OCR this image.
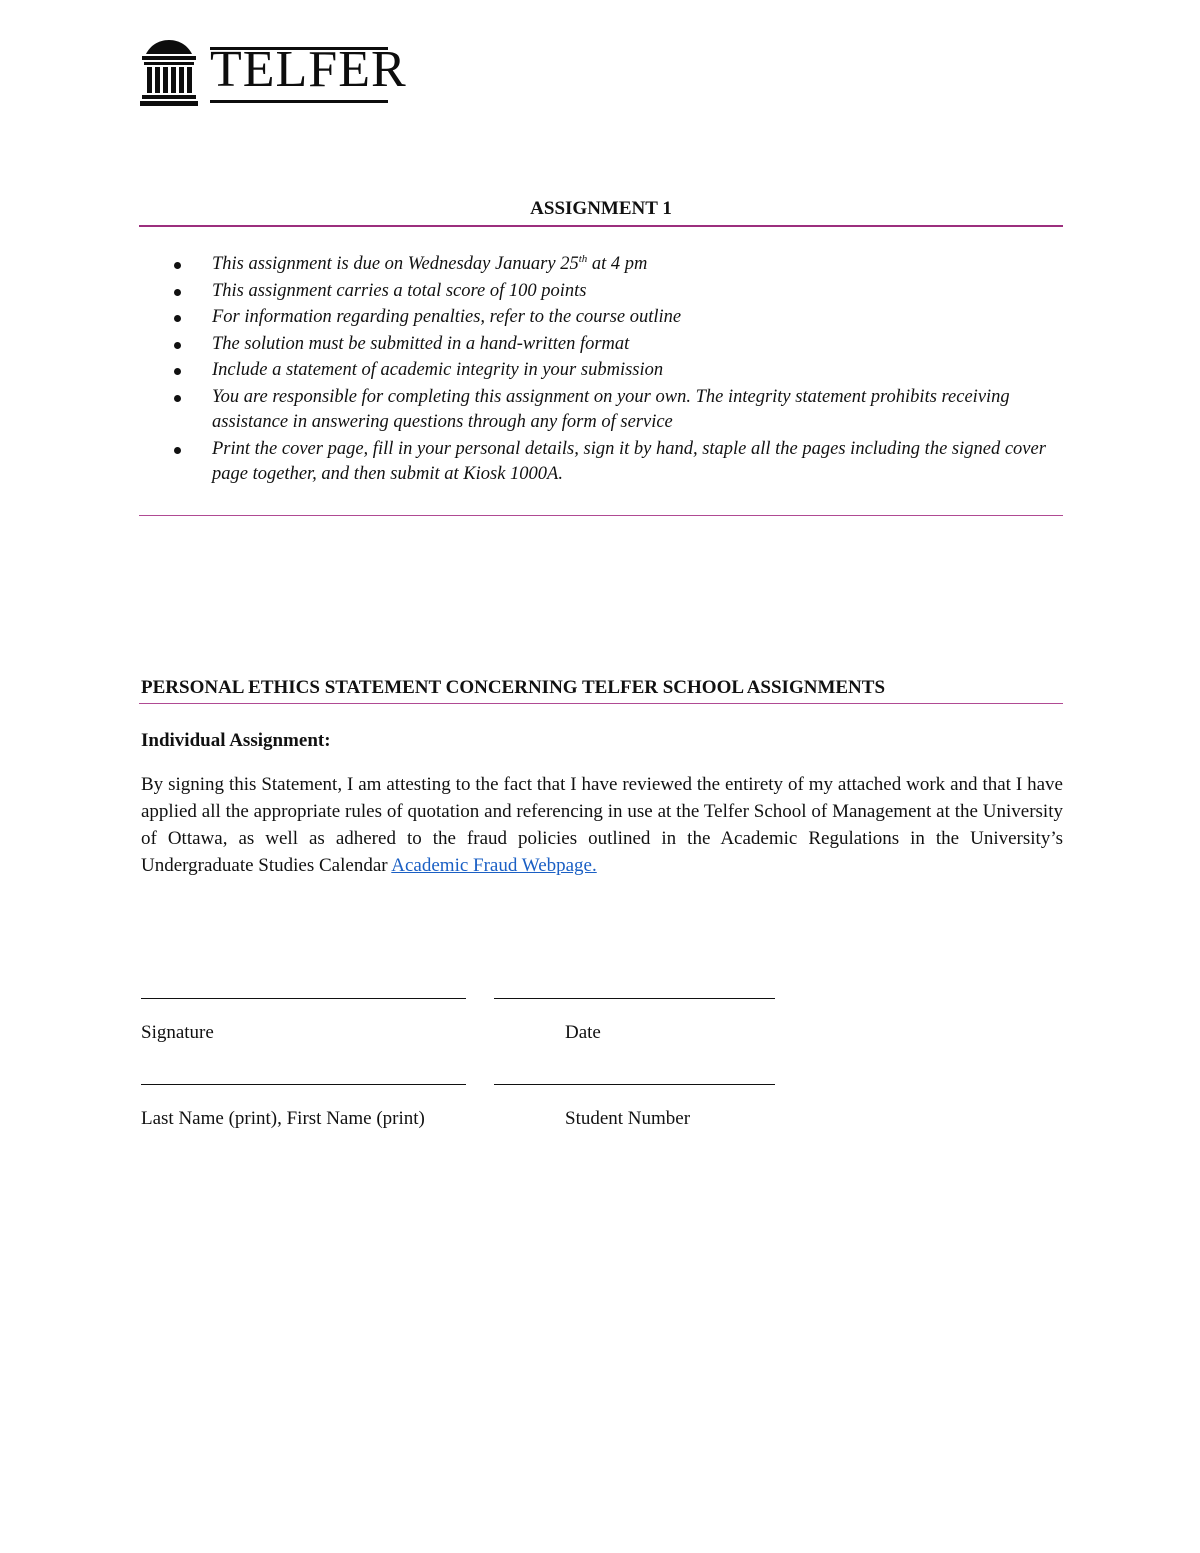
TELFER
ASSIGNMENT 1
This assignment is due on Wednesday January 25th at 4 pm
This assignment carries a total score of 100 points
For information regarding penalties, refer to the course outline
The solution must be submitted in a hand-written format
Include a statement of academic integrity in your submission
You are responsible for completing this assignment on your own. The integrity statement prohibits receiving assistance in answering questions through any form of service
Print the cover page, fill in your personal details, sign it by hand, staple all the pages including the signed cover page together, and then submit at Kiosk 1000A.
PERSONAL ETHICS STATEMENT CONCERNING TELFER SCHOOL ASSIGNMENTS
Individual Assignment:
By signing this Statement, I am attesting to the fact that I have reviewed the entirety of my attached work and that I have applied all the appropriate rules of quotation and referencing in use at the Telfer School of Management at the University of Ottawa, as well as adhered to the fraud policies outlined in the Academic Regulations in the University’s Undergraduate Studies Calendar Academic Fraud Webpage.
Signature	Date
Last Name (print), First Name (print)	Student Number
